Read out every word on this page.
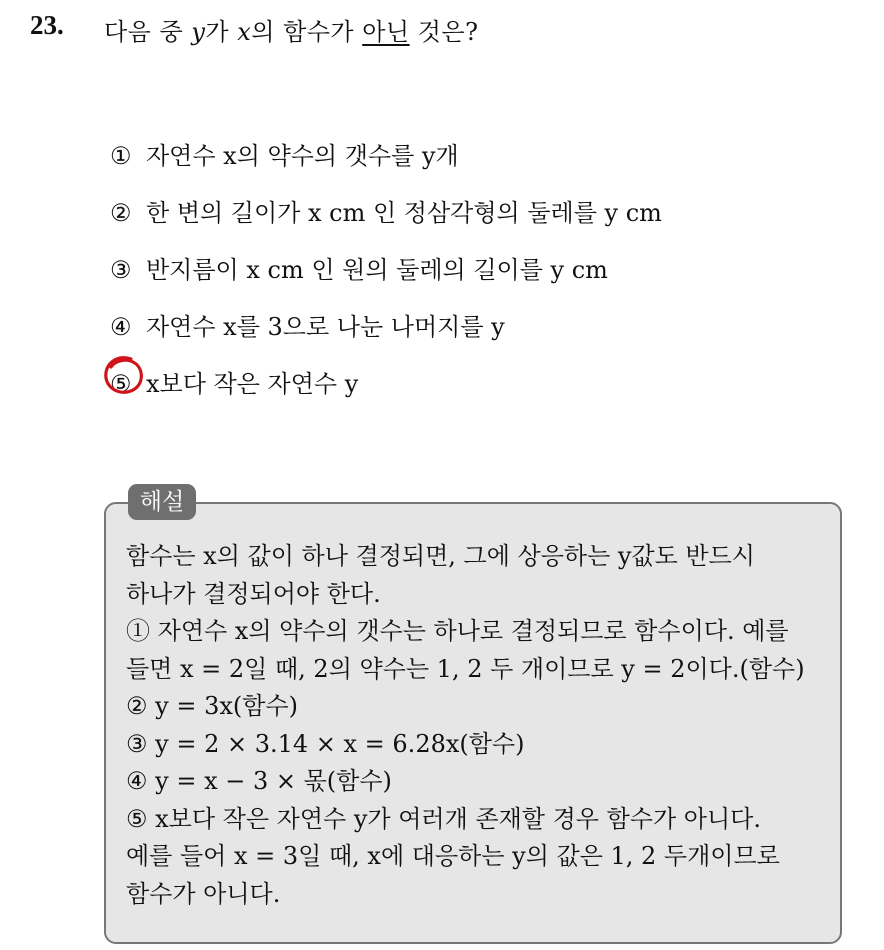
23. 다음 중 y가 x의 함수가 아닌 것은?
① 자연수 x의 약수의 갯수를 y개
② 한 변의 길이가 x cm 인 정삼각형의 둘레를 y cm
③ 반지름이 x cm 인 원의 둘레의 길이를 y cm
④ 자연수 x를 3으로 나눈 나머지를 y
⑤ x보다 작은 자연수 y
해설
함수는 x의 값이 하나 결정되면, 그에 상응하는 y값도 반드시
하나가 결정되어야 한다.
① 자연수 x의 약수의 갯수는 하나로 결정되므로 함수이다. 예를
들면 x = 2일 때, 2의 약수는 1, 2 두 개이므로 y = 2이다.(함수)
② y = 3x(함수)
③ y = 2 × 3.14 × x = 6.28x(함수)
④ y = x − 3 × 몫(함수)
⑤ x보다 작은 자연수 y가 여러개 존재할 경우 함수가 아니다.
예를 들어 x = 3일 때, x에 대응하는 y의 값은 1, 2 두개이므로
함수가 아니다.
